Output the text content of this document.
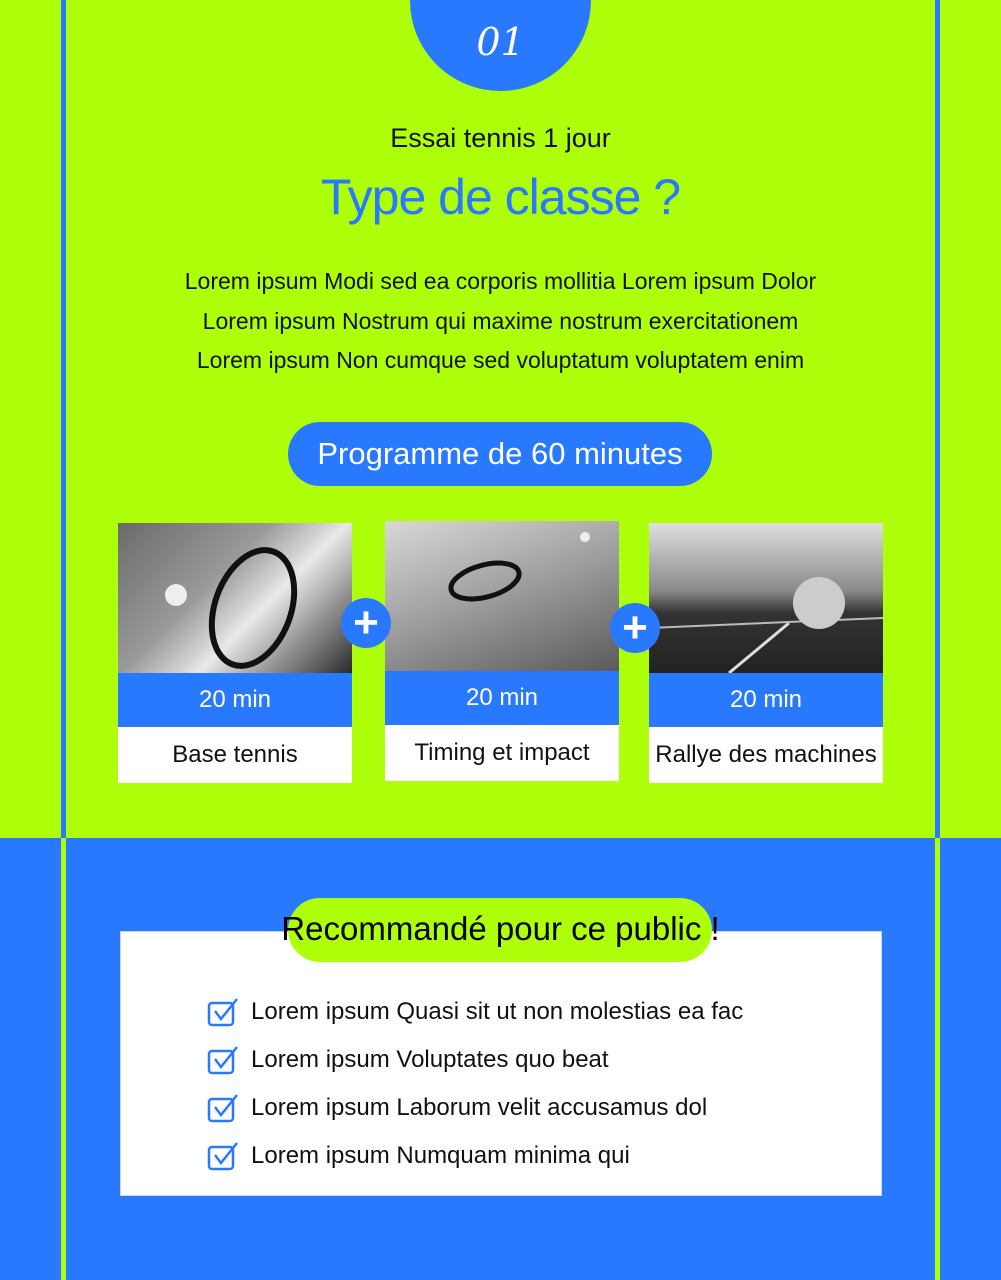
01
Essai tennis 1 jour
Type de classe ?
Lorem ipsum Modi sed ea corporis mollitia Lorem ipsum Dolor
Lorem ipsum Nostrum qui maxime nostrum exercitationem
Lorem ipsum Non cumque sed voluptatum voluptatem enim
Programme de 60 minutes
20 min
Base tennis
20 min
Timing et impact
20 min
Rallye des machines
+	+
Recommandé pour ce public !
Lorem ipsum Quasi sit ut non molestias ea fac
Lorem ipsum Voluptates quo beat
Lorem ipsum Laborum velit accusamus dol
Lorem ipsum Numquam minima qui
